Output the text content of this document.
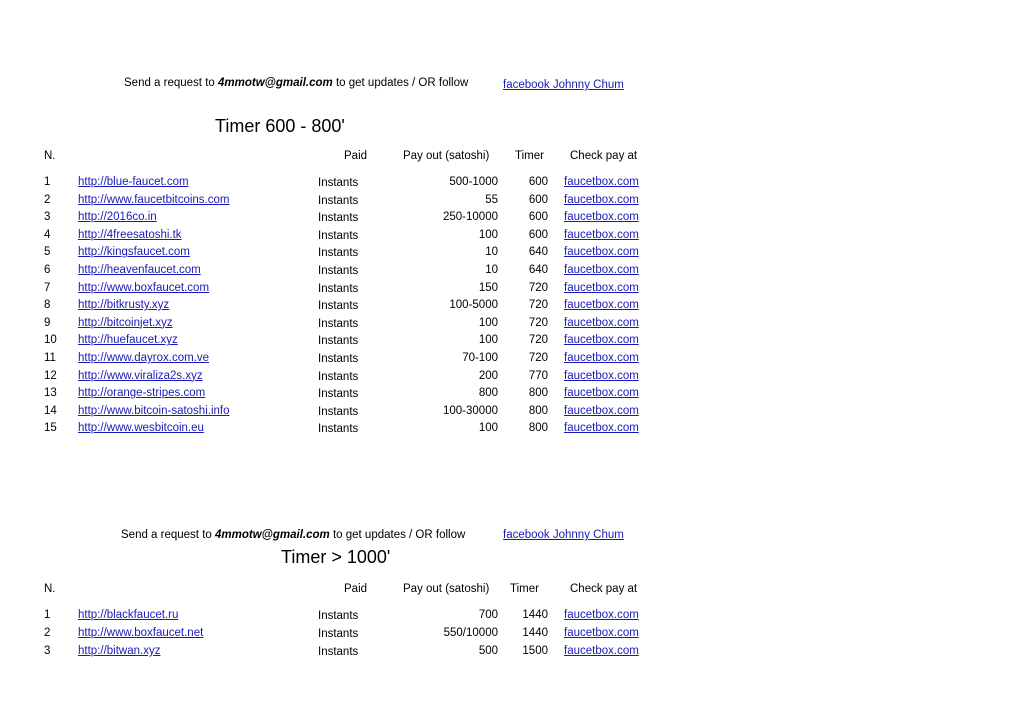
Send a request to 4mmotw@gmail.com to get updates / OR follow	facebook Johnny Chum
Timer 600 - 800'
N.	Paid	Pay out (satoshi) Timer Check pay at
1	http://blue-faucet.com	Instants	500-1000	600 faucetbox.com
2	http://www.faucetbitcoins.com	Instants	55	600 faucetbox.com
3	http://2016co.in	Instants	250-10000	600 faucetbox.com
4	http://4freesatoshi.tk	Instants	100	600 faucetbox.com
5	http://kingsfaucet.com	Instants	10	640 faucetbox.com
6	http://heavenfaucet.com	Instants	10	640 faucetbox.com
7	http://www.boxfaucet.com	Instants	150	720 faucetbox.com
8	http://bitkrusty.xyz	Instants	100-5000	720 faucetbox.com
9	http://bitcoinjet.xyz	Instants	100	720 faucetbox.com
10	http://huefaucet.xyz	Instants	100	720 faucetbox.com
11	http://www.dayrox.com.ve	Instants	70-100	720 faucetbox.com
12	http://www.viraliza2s.xyz	Instants	200	770 faucetbox.com
13	http://orange-stripes.com	Instants	800	800 faucetbox.com
14	http://www.bitcoin-satoshi.info	Instants	100-30000	800 faucetbox.com
15	http://www.wesbitcoin.eu	Instants	100	800 faucetbox.com
Send a request to 4mmotw@gmail.com to get updates / OR follow	facebook Johnny Chum
Timer > 1000'
N.	Paid	Pay out (satoshi) Timer	Check pay at
1	http://blackfaucet.ru	Instants	700	1440 faucetbox.com
2	http://www.boxfaucet.net	Instants	550/10000	1440 faucetbox.com
3	http://bitwan.xyz	Instants	500	1500 faucetbox.com
